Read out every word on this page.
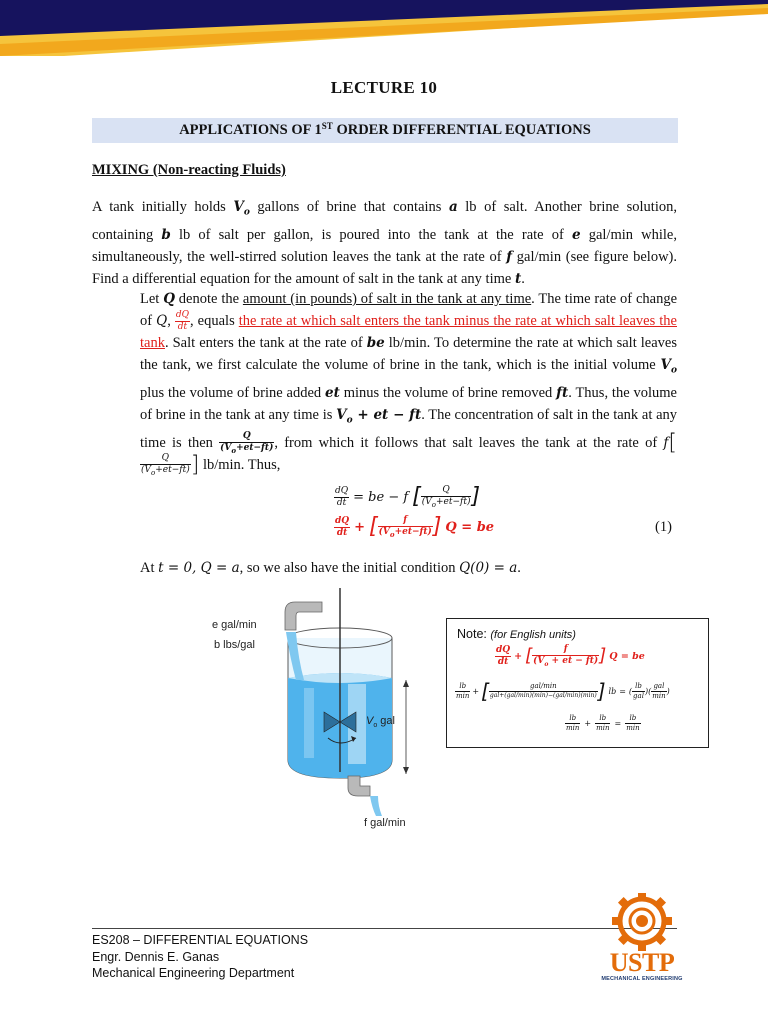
LECTURE 10
APPLICATIONS OF 1ST ORDER DIFFERENTIAL EQUATIONS
MIXING (Non-reacting Fluids)
A tank initially holds $V_o$ gallons of brine that contains a lb of salt. Another brine solution, containing b lb of salt per gallon, is poured into the tank at the rate of e gal/min while, simultaneously, the well-stirred solution leaves the tank at the rate of f gal/min (see figure below). Find a differential equation for the amount of salt in the tank at any time t.
Let Q denote the amount (in pounds) of salt in the tank at any time. The time rate of change of Q, $\frac{dQ}{dt}$ , equals the rate at which salt enters the tank minus the rate at which salt leaves the tank. Salt enters the tank at the rate of be lb/min. To determine the rate at which salt leaves the tank, we first calculate the volume of brine in the tank, which is the initial volume $V_o$ plus the volume of brine added et minus the volume of brine removed ft. Thus, the volume of brine in the tank at any time is $V_o$ + et − ft. The concentration of salt in the tank at any time is then $\frac{Q}{(V_o+et-ft)}$ , from which it follows that salt leaves the tank at the rate of f[
$\frac{Q}{(V_o+et-ft)}$ ] lb/min. Thus,
$\frac{dQ}{dt}$ = be − f [ $\frac{Q}{(V_o+et-ft)}$ ]
$\frac{dQ}{dt}$ + [ $\frac{f}{(V_o+et-ft)}$ ] Q = be	(1)
At t = 0, Q = a, so we also have the initial condition Q(0) = a.
e gal/min
b lbs/gal
$V_o$ gal
f gal/min
Note: (for English units)
$\frac{dQ}{dt}$ + [ $\frac{f}{(V_o + et - ft)}$ ] Q = be
$\frac{lb}{\min}$ + [ $\frac{\text{gal/min}}{\text{gal+(gal/min)(min)−(gal/min)(min)}}$ ] lb = ( $\frac{lb}{\text{gal}}$ ) ( $\frac{\text{gal}}{\min}$ )
$\frac{lb}{\min} + \frac{lb}{\min} = \frac{lb}{\min}$
ES208 – DIFFERENTIAL EQUATIONS
Engr. Dennis E. Ganas
Mechanical Engineering Department	USTP
MECHANICAL ENGINEERING
